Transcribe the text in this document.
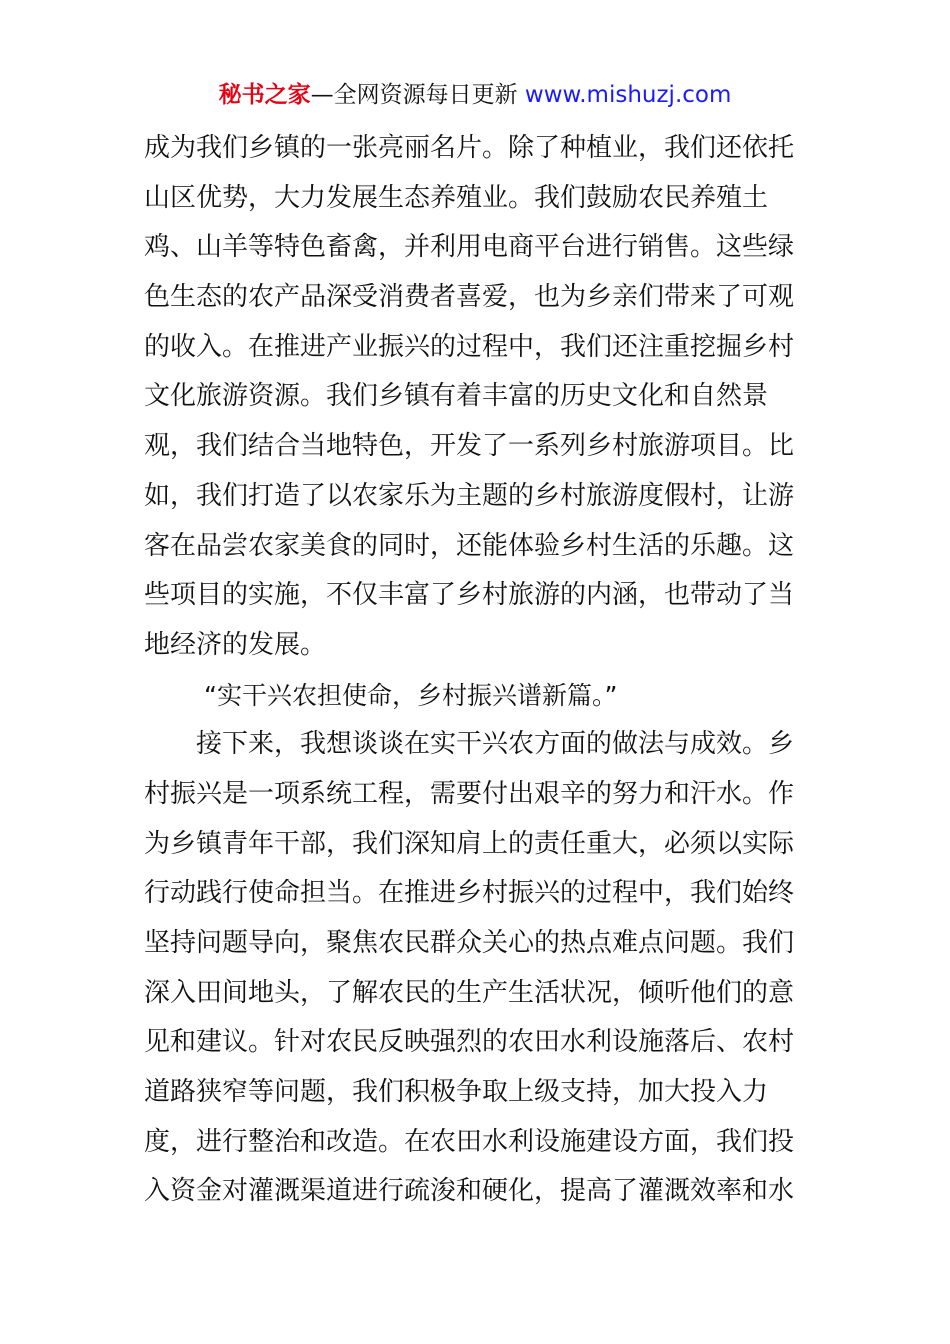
秘书之家—全网资源每日更新 www.mishuzj.com
成为我们乡镇的一张亮丽名片。除了种植业，我们还依托
山区优势，大力发展生态养殖业。我们鼓励农民养殖土
鸡、山羊等特色畜禽，并利用电商平台进行销售。这些绿
色生态的农产品深受消费者喜爱，也为乡亲们带来了可观
的收入。在推进产业振兴的过程中，我们还注重挖掘乡村
文化旅游资源。我们乡镇有着丰富的历史文化和自然景
观，我们结合当地特色，开发了一系列乡村旅游项目。比
如，我们打造了以农家乐为主题的乡村旅游度假村，让游
客在品尝农家美食的同时，还能体验乡村生活的乐趣。这
些项目的实施，不仅丰富了乡村旅游的内涵，也带动了当
地经济的发展。
“实干兴农担使命，乡村振兴谱新篇。”
接下来，我想谈谈在实干兴农方面的做法与成效。乡
村振兴是一项系统工程，需要付出艰辛的努力和汗水。作
为乡镇青年干部，我们深知肩上的责任重大，必须以实际
行动践行使命担当。在推进乡村振兴的过程中，我们始终
坚持问题导向，聚焦农民群众关心的热点难点问题。我们
深入田间地头，了解农民的生产生活状况，倾听他们的意
见和建议。针对农民反映强烈的农田水利设施落后、农村
道路狭窄等问题，我们积极争取上级支持，加大投入力
度，进行整治和改造。在农田水利设施建设方面，我们投
入资金对灌溉渠道进行疏浚和硬化，提高了灌溉效率和水
